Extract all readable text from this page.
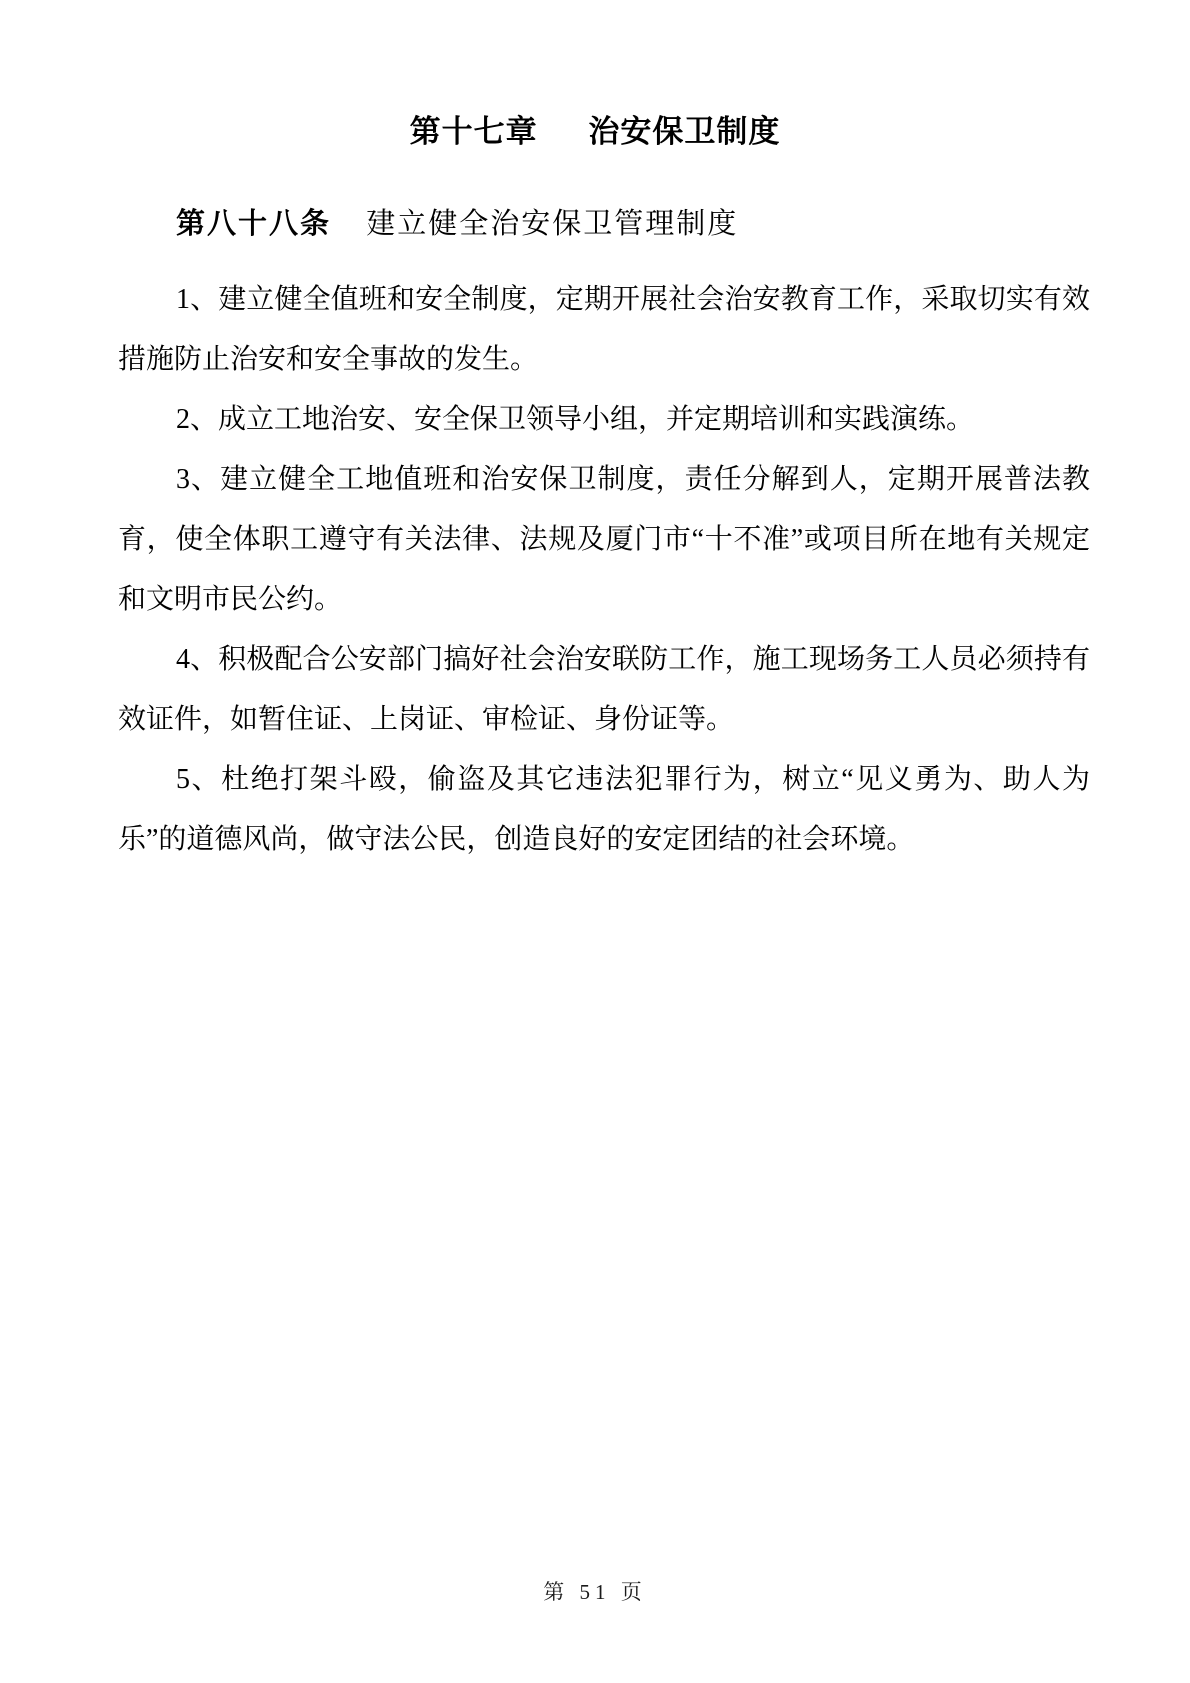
第十七章 治安保卫制度
第八十八条 建立健全治安保卫管理制度

1、建立健全值班和安全制度，定期开展社会治安教育工作，采取切实有效措施防止治安和安全事故的发生。

2、成立工地治安、安全保卫领导小组，并定期培训和实践演练。

3、建立健全工地值班和治安保卫制度，责任分解到人，定期开展普法教育，使全体职工遵守有关法律、法规及厦门市“十不准”或项目所在地有关规定和文明市民公约。

4、积极配合公安部门搞好社会治安联防工作，施工现场务工人员必须持有效证件，如暂住证、上岗证、审检证、身份证等。

5、杜绝打架斗殴，偷盗及其它违法犯罪行为，树立“见义勇为、助人为乐”的道德风尚，做守法公民，创造良好的安定团结的社会环境。

第 51 页
